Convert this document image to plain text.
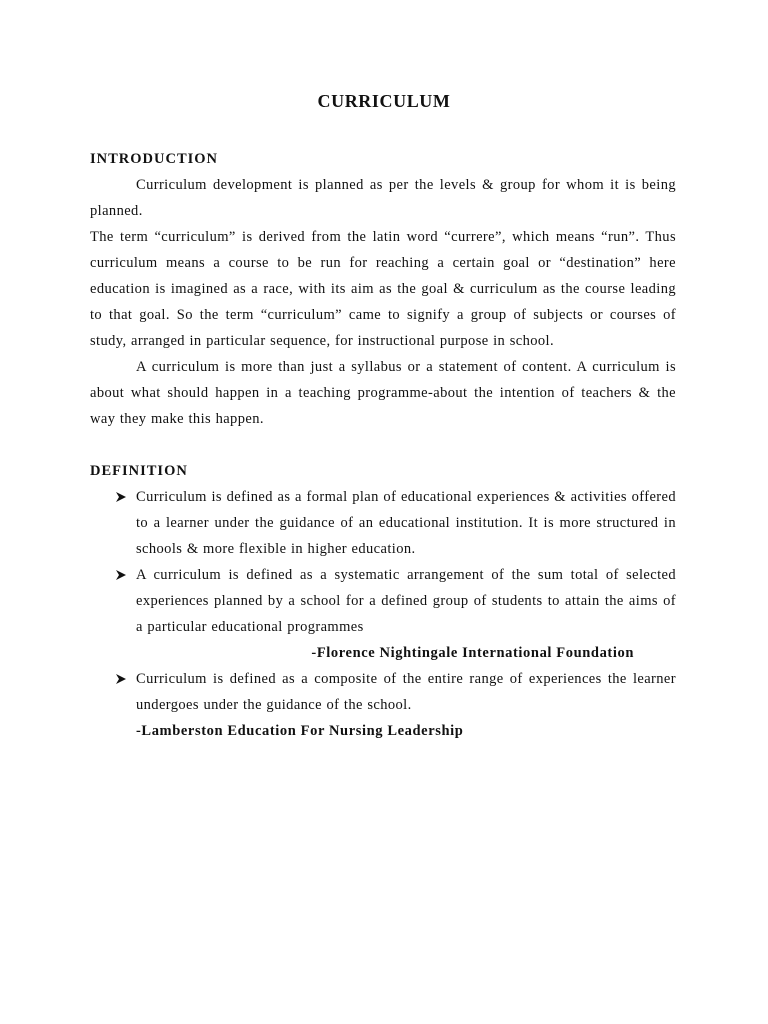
CURRICULUM
INTRODUCTION

Curriculum development is planned as per the levels & group for whom it is being planned.

The term “curriculum” is derived from the latin word “currere”, which means “run”. Thus curriculum means a course to be run for reaching a certain goal or “destination” here education is imagined as a race, with its aim as the goal & curriculum as the course leading to that goal. So the term “curriculum” came to signify a group of subjects or courses of study, arranged in particular sequence, for instructional purpose in school.

A curriculum is more than just a syllabus or a statement of content. A curriculum is about what should happen in a teaching programme-about the intention of teachers & the way they make this happen.

DEFINITION
Curriculum is defined as a formal plan of educational experiences & activities offered to a learner under the guidance of an educational institution. It is more structured in schools & more flexible in higher education.
A curriculum is defined as a systematic arrangement of the sum total of selected experiences planned by a school for a defined group of students to attain the aims of a particular educational programmes
-Florence Nightingale International Foundation
Curriculum is defined as a composite of the entire range of experiences the learner undergoes under the guidance of the school.
-Lamberston Education For Nursing Leadership
